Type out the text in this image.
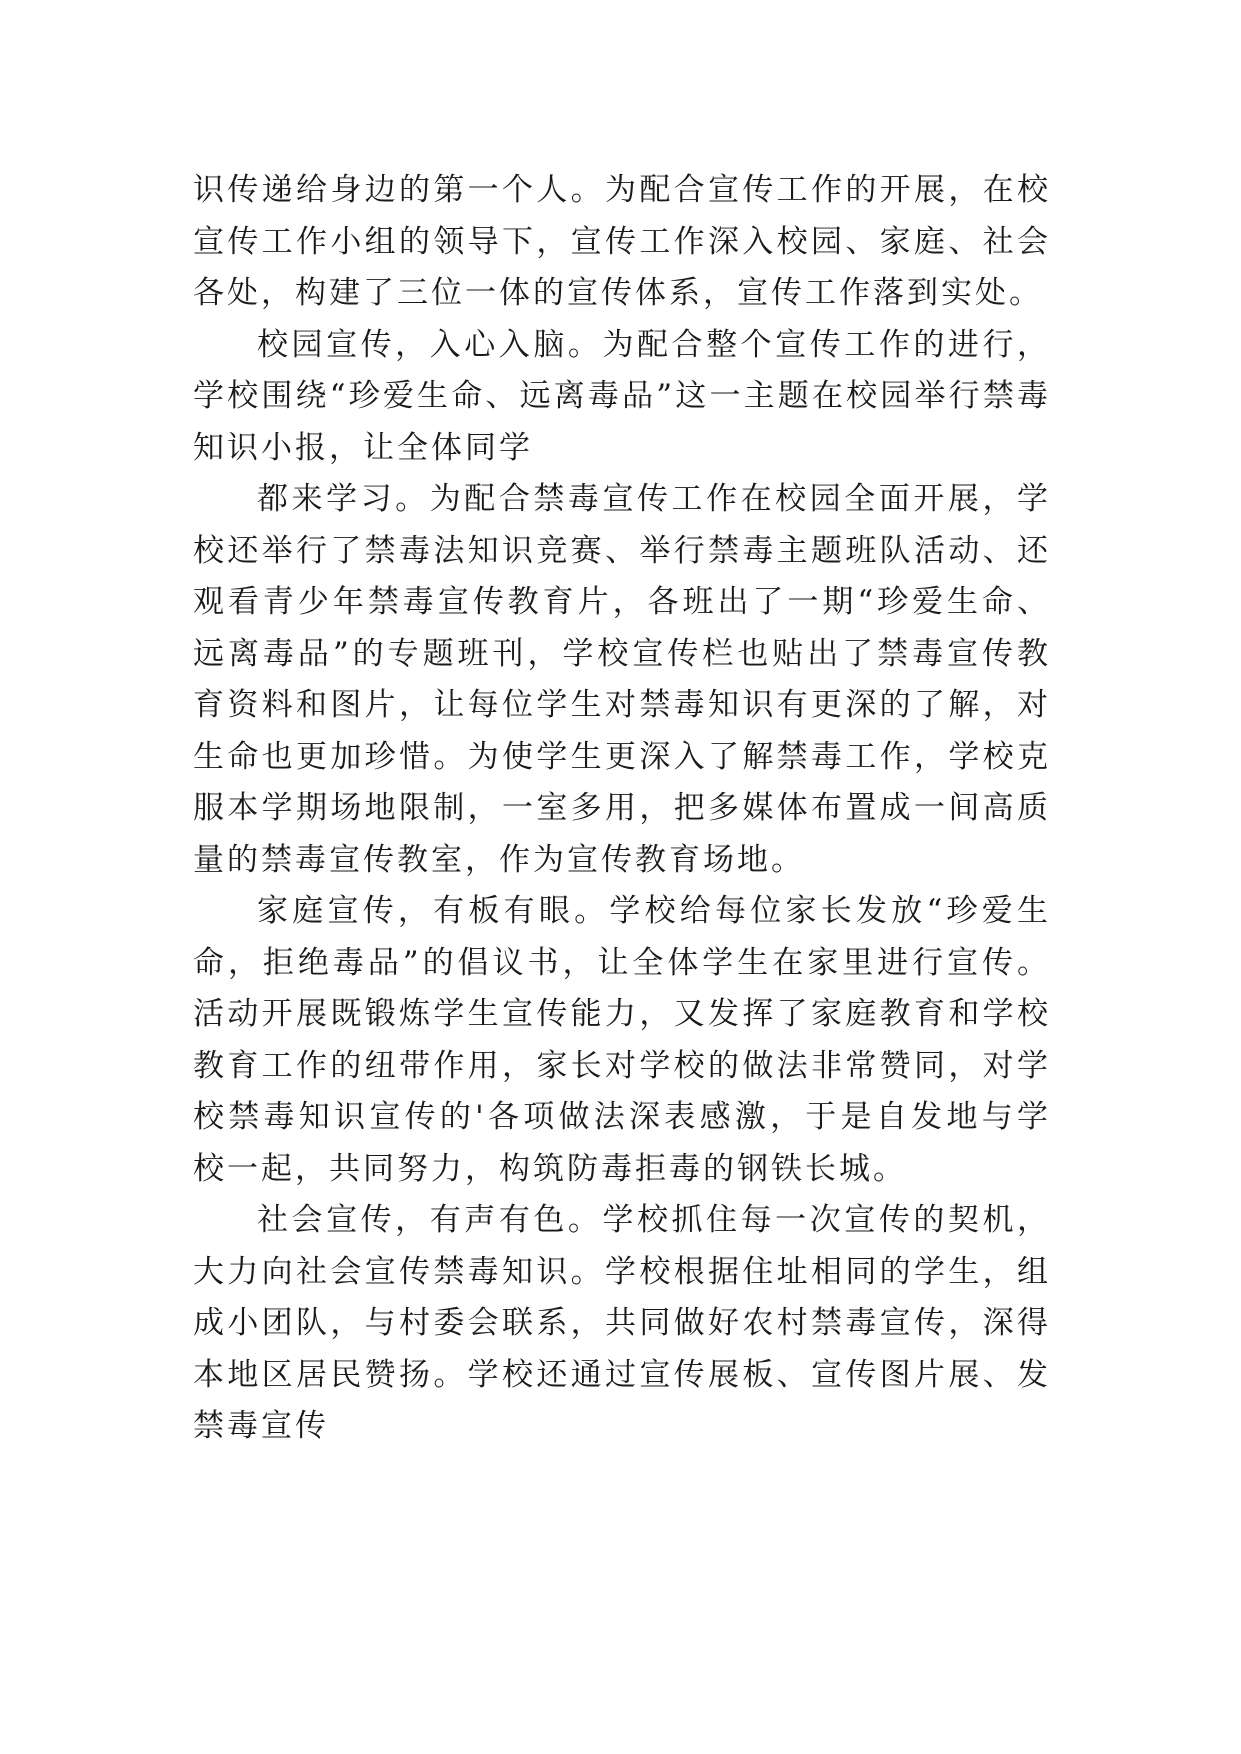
识传递给身边的第一个人。为配合宣传工作的开展，在校宣传工作小组的领导下，宣传工作深入校园、家庭、社会各处，构建了三位一体的宣传体系，宣传工作落到实处。

校园宣传，入心入脑。为配合整个宣传工作的进行，学校围绕“珍爱生命、远离毒品”这一主题在校园举行禁毒知识小报，让全体同学

都来学习。为配合禁毒宣传工作在校园全面开展，学校还举行了禁毒法知识竞赛、举行禁毒主题班队活动、还观看青少年禁毒宣传教育片，各班出了一期“珍爱生命、远离毒品”的专题班刊，学校宣传栏也贴出了禁毒宣传教育资料和图片，让每位学生对禁毒知识有更深的了解，对生命也更加珍惜。为使学生更深入了解禁毒工作，学校克服本学期场地限制，一室多用，把多媒体布置成一间高质量的禁毒宣传教室，作为宣传教育场地。

家庭宣传，有板有眼。学校给每位家长发放“珍爱生命，拒绝毒品”的倡议书，让全体学生在家里进行宣传。活动开展既锻炼学生宣传能力，又发挥了家庭教育和学校教育工作的纽带作用，家长对学校的做法非常赞同，对学校禁毒知识宣传的'各项做法深表感激，于是自发地与学校一起，共同努力，构筑防毒拒毒的钢铁长城。

社会宣传，有声有色。学校抓住每一次宣传的契机，大力向社会宣传禁毒知识。学校根据住址相同的学生，组成小团队，与村委会联系，共同做好农村禁毒宣传，深得本地区居民赞扬。学校还通过宣传展板、宣传图片展、发禁毒宣传
